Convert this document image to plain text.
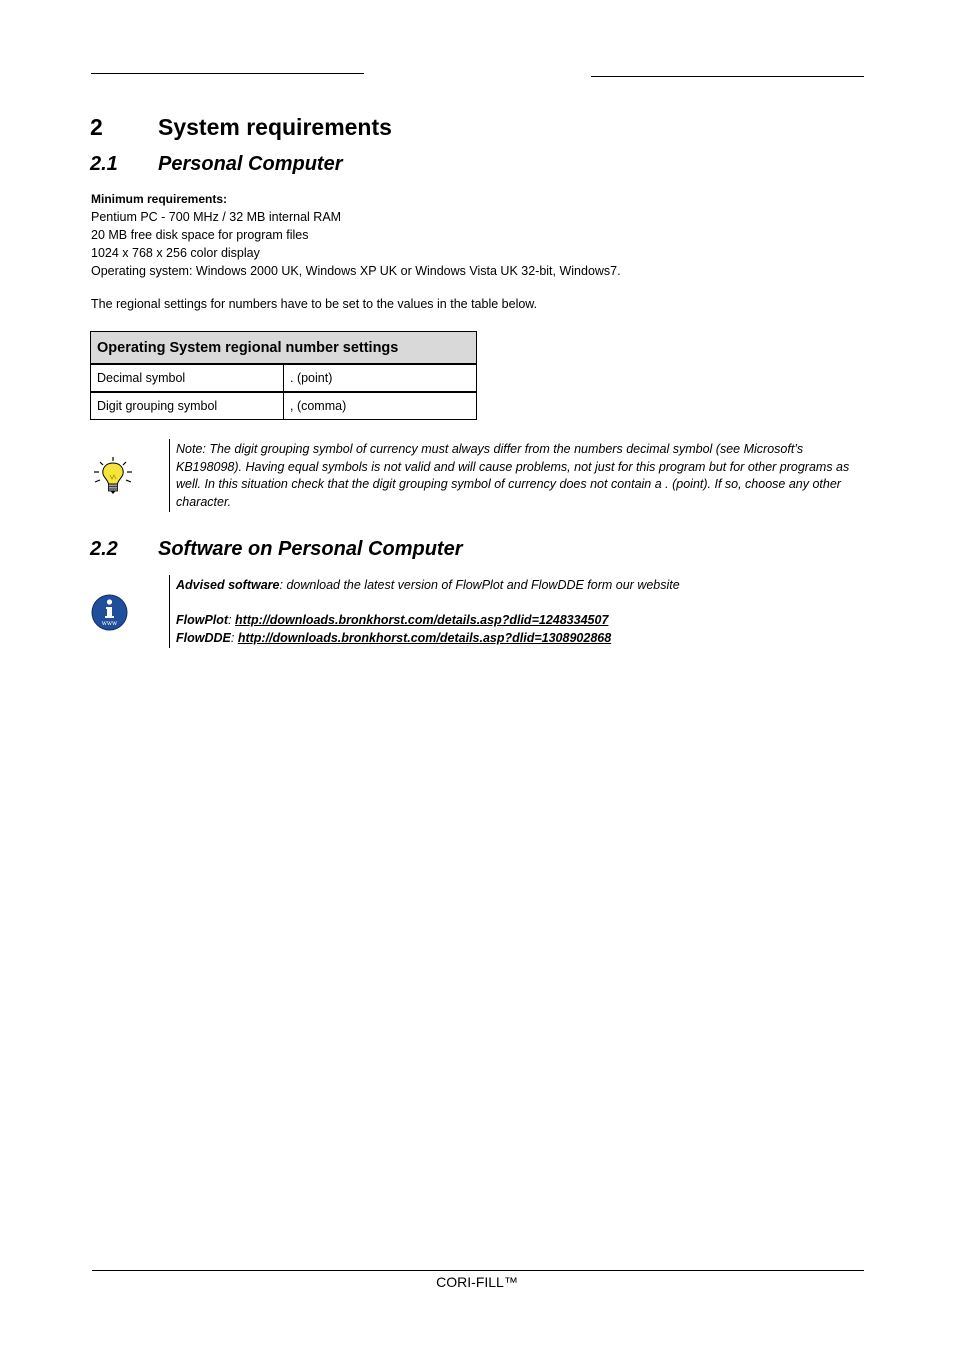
2 System requirements
2.1 Personal Computer
Minimum requirements:
Pentium PC - 700 MHz / 32 MB internal RAM
20 MB free disk space for program files
1024 x 768 x 256 color display
Operating system: Windows 2000 UK, Windows XP UK or Windows Vista UK 32-bit, Windows7.
The regional settings for numbers have to be set to the values in the table below.
Operating System regional number settings	
Decimal symbol	. (point)
Digit grouping symbol	, (comma)
Note: The digit grouping symbol of currency must always differ from the numbers decimal symbol (see Microsoft’s KB198098). Having equal symbols is not valid and will cause problems, not just for this program but for other programs as well. In this situation check that the digit grouping symbol of currency does not contain a . (point). If so, choose any other character.
2.2 Software on Personal Computer
www
Advised software: download the latest version of FlowPlot and FlowDDE form our website
FlowPlot: http://downloads.bronkhorst.com/details.asp?dlid=1248334507
FlowDDE: http://downloads.bronkhorst.com/details.asp?dlid=1308902868
CORI-FILL™
